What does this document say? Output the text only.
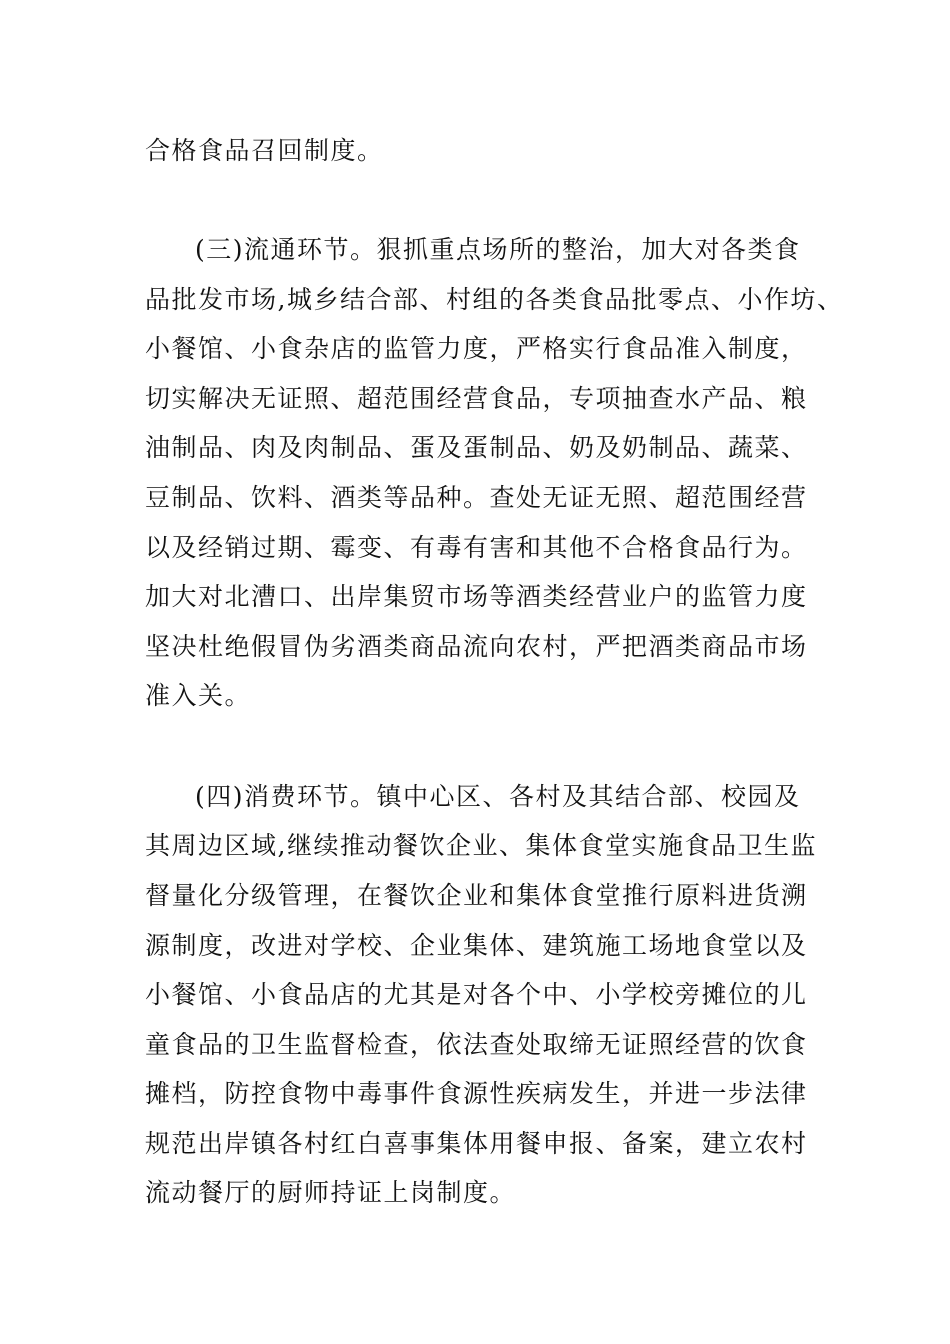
合格食品召回制度。

(三)流通环节。狠抓重点场所的整治，加大对各类食

品批发市场,城乡结合部、村组的各类食品批零点、小作坊、

小餐馆、小食杂店的监管力度，严格实行食品准入制度，

切实解决无证照、超范围经营食品，专项抽查水产品、粮

油制品、肉及肉制品、蛋及蛋制品、奶及奶制品、蔬菜、

豆制品、饮料、酒类等品种。查处无证无照、超范围经营

以及经销过期、霉变、有毒有害和其他不合格食品行为。

加大对北漕口、出岸集贸市场等酒类经营业户的监管力度

坚决杜绝假冒伪劣酒类商品流向农村，严把酒类商品市场

准入关。

(四)消费环节。镇中心区、各村及其结合部、校园及

其周边区域,继续推动餐饮企业、集体食堂实施食品卫生监

督量化分级管理，在餐饮企业和集体食堂推行原料进货溯

源制度，改进对学校、企业集体、建筑施工场地食堂以及

小餐馆、小食品店的尤其是对各个中、小学校旁摊位的儿

童食品的卫生监督检查，依法查处取缔无证照经营的饮食

摊档，防控食物中毒事件食源性疾病发生，并进一步法律

规范出岸镇各村红白喜事集体用餐申报、备案，建立农村

流动餐厅的厨师持证上岗制度。
